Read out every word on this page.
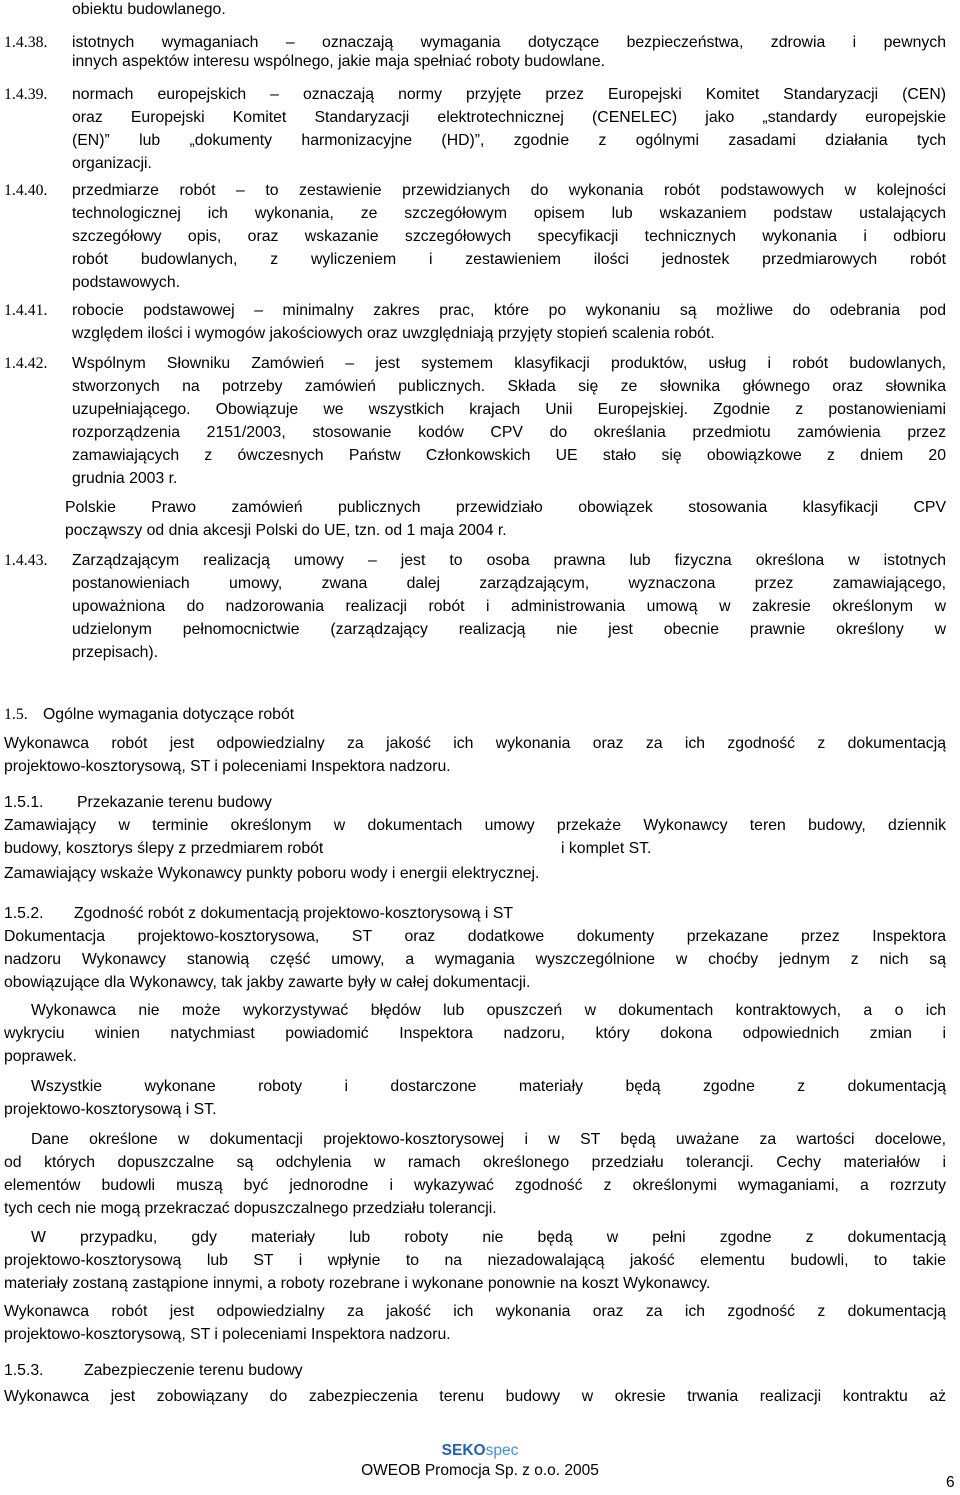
obiektu budowlanego.
1.4.38. istotnych wymaganiach – oznaczają wymagania dotyczące bezpieczeństwa, zdrowia i pewnych
innych aspektów interesu wspólnego, jakie maja spełniać roboty budowlane.
1.4.39. normach europejskich – oznaczają normy przyjęte przez Europejski Komitet Standaryzacji (CEN)
oraz Europejski Komitet Standaryzacji elektrotechnicznej (CENELEC) jako „standardy europejskie
(EN)” lub „dokumenty harmonizacyjne (HD)”, zgodnie z ogólnymi zasadami działania tych
organizacji.
1.4.40. przedmiarze robót – to zestawienie przewidzianych do wykonania robót podstawowych w kolejności
technologicznej ich wykonania, ze szczegółowym opisem lub wskazaniem podstaw ustalających
szczegółowy opis, oraz wskazanie szczegółowych specyfikacji technicznych wykonania i odbioru
robót budowlanych, z wyliczeniem i zestawieniem ilości jednostek przedmiarowych robót
podstawowych.
1.4.41. robocie podstawowej – minimalny zakres prac, które po wykonaniu są możliwe do odebrania pod
względem ilości i wymogów jakościowych oraz uwzględniają przyjęty stopień scalenia robót.
1.4.42. Wspólnym Słowniku Zamówień – jest systemem klasyfikacji produktów, usług i robót budowlanych,
stworzonych na potrzeby zamówień publicznych. Składa się ze słownika głównego oraz słownika
uzupełniającego. Obowiązuje we wszystkich krajach Unii Europejskiej. Zgodnie z postanowieniami
rozporządzenia 2151/2003, stosowanie kodów CPV do określania przedmiotu zamówienia przez
zamawiających z ówczesnych Państw Członkowskich UE stało się obowiązkowe z dniem 20
grudnia 2003 r.
Polskie Prawo zamówień publicznych przewidziało obowiązek stosowania klasyfikacji CPV
począwszy od dnia akcesji Polski do UE, tzn. od 1 maja 2004 r.
1.4.43. Zarządzającym realizacją umowy – jest to osoba prawna lub fizyczna określona w istotnych
postanowieniach umowy, zwana dalej zarządzającym, wyznaczona przez zamawiającego,
upoważniona do nadzorowania realizacji robót i administrowania umową w zakresie określonym w
udzielonym pełnomocnictwie (zarządzający realizacją nie jest obecnie prawnie określony w
przepisach).
1.5. Ogólne wymagania dotyczące robót
Wykonawca robót jest odpowiedzialny za jakość ich wykonania oraz za ich zgodność z dokumentacją
projektowo-kosztorysową, ST i poleceniami Inspektora nadzoru.
1.5.1. Przekazanie terenu budowy
Zamawiający w terminie określonym w dokumentach umowy przekaże Wykonawcy teren budowy, dziennik
budowy, kosztorys ślepy z przedmiarem robót	i komplet ST.
Zamawiający wskaże Wykonawcy punkty poboru wody i energii elektrycznej.
1.5.2. Zgodność robót z dokumentacją projektowo-kosztorysową i ST
Dokumentacja projektowo-kosztorysowa, ST oraz dodatkowe dokumenty przekazane przez Inspektora
nadzoru Wykonawcy stanowią część umowy, a wymagania wyszczególnione w choćby jednym z nich są
obowiązujące dla Wykonawcy, tak jakby zawarte były w całej dokumentacji.
Wykonawca nie może wykorzystywać błędów lub opuszczeń w dokumentach kontraktowych, a o ich
wykryciu winien natychmiast powiadomić Inspektora nadzoru, który dokona odpowiednich zmian i
poprawek.
Wszystkie wykonane roboty i dostarczone materiały będą zgodne z dokumentacją
projektowo-kosztorysową i ST.
Dane określone w dokumentacji projektowo-kosztorysowej i w ST będą uważane za wartości docelowe,
od których dopuszczalne są odchylenia w ramach określonego przedziału tolerancji. Cechy materiałów i
elementów budowli muszą być jednorodne i wykazywać zgodność z określonymi wymaganiami, a rozrzuty
tych cech nie mogą przekraczać dopuszczalnego przedziału tolerancji.
W przypadku, gdy materiały lub roboty nie będą w pełni zgodne z dokumentacją
projektowo-kosztorysową lub ST i wpłynie to na niezadowalającą jakość elementu budowli, to takie
materiały zostaną zastąpione innymi, a roboty rozebrane i wykonane ponownie na koszt Wykonawcy.
Wykonawca robót jest odpowiedzialny za jakość ich wykonania oraz za ich zgodność z dokumentacją
projektowo-kosztorysową, ST i poleceniami Inspektora nadzoru.
1.5.3.	Zabezpieczenie terenu budowy
Wykonawca jest zobowiązany do zabezpieczenia terenu budowy w okresie trwania realizacji kontraktu aż
SEKOspec
OWEOB Promocja Sp. z o.o. 2005
6
